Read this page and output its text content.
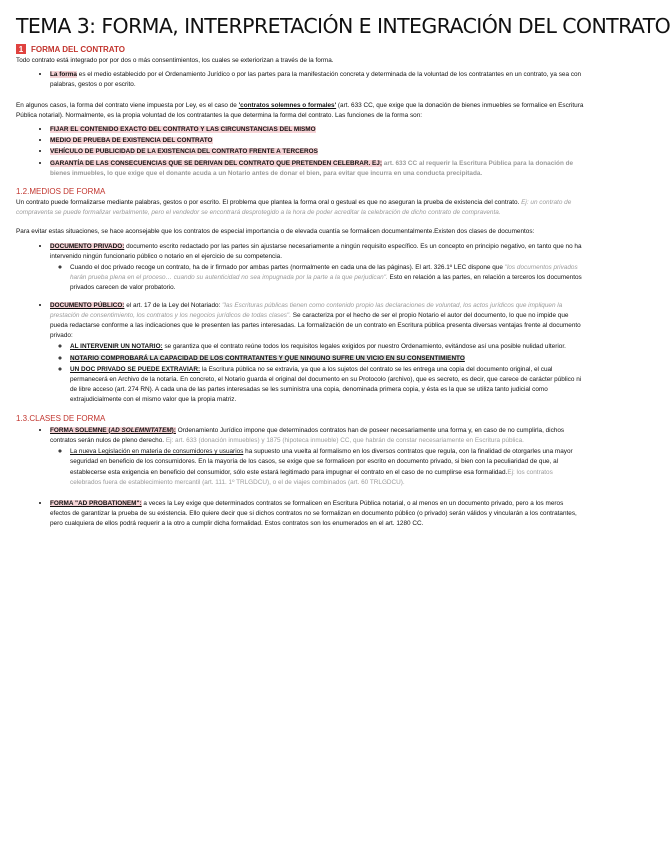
TEMA 3: FORMA, INTERPRETACIÓN E INTEGRACIÓN DEL CONTRATO
1 FORMA DEL CONTRATO

Todo contrato está integrado por por dos o más consentimientos, los cuales se exteriorizan a través de la forma.

• La forma es el medio establecido por el Ordenamiento Jurídico o por las partes para la manifestación concreta y determinada de la voluntad de los contratantes en un contrato, ya sea con palabras, gestos o por escrito.

En algunos casos, la forma del contrato viene impuesta por Ley, es el caso de 'contratos solemnes o formales' (art. 633 CC, que exige que la donación de bienes inmuebles se formalice en Escritura Pública notarial). Normalmente, es la propia voluntad de los contratantes la que determina la forma del contrato. Las funciones de la forma son:

• FIJAR EL CONTENIDO EXACTO DEL CONTRATO Y LAS CIRCUNSTANCIAS DEL MISMO
• MEDIO DE PRUEBA DE EXISTENCIA DEL CONTRATO
• VEHÍCULO DE PUBLICIDAD DE LA EXISTENCIA DEL CONTRATO FRENTE A TERCEROS
• GARANTÍA DE LAS CONSECUENCIAS QUE SE DERIVAN DEL CONTRATO QUE PRETENDEN CELEBRAR. EJ; art. 633 CC al requerir la Escritura Pública para la donación de bienes inmuebles, lo que exige que el donante acuda a un Notario antes de donar el bien, para evitar que incurra en una conducta precipitada.
1.2.MEDIOS DE FORMA

Un contrato puede formalizarse mediante palabras, gestos o por escrito. El problema que plantea la forma oral o gestual es que no aseguran la prueba de existencia del contrato. Ej: un contrato de compraventa se puede formalizar verbalmente, pero el vendedor se encontrará desprotegido a la hora de poder acreditar la celebración de dicho contrato de compraventa.

Para evitar estas situaciones, se hace aconsejable que los contratos de especial importancia o de elevada cuantía se formalicen documentalmente.Existen dos clases de documentos:

• DOCUMENTO PRIVADO: documento escrito redactado por las partes sin ajustarse necesariamente a ningún requisito específico. Es un concepto en principio negativo, en tanto que no ha intervenido ningún funcionario público o notario en el ejercicio de su competencia.
◦ Cuando el doc privado recoge un contrato, ha de ir firmado por ambas partes (normalmente en cada una de las páginas). El art. 326.1º LEC dispone que "los documentos privados harán prueba plena en el proceso… cuando su autenticidad no sea impugnada por la parte a la que perjudican". Esto en relación a las partes, en relación a terceros los documentos privados carecen de valor probatorio.
• DOCUMENTO PÚBLICO: el art. 17 de la Ley del Notariado: "las Escrituras públicas tienen como contenido propio las declaraciones de voluntad, los actos jurídicos que impliquen la prestación de consentimiento, los contratos y los negocios jurídicos de todas clases". Se caracteriza por el hecho de ser el propio Notario el autor del documento, lo que no impide que pueda redactarse conforme a las indicaciones que le presenten las partes interesadas. La formalización de un contrato en Escritura pública presenta diversas ventajas frente al documento privado:
◦ AL INTERVENIR UN NOTARIO: se garantiza que el contrato reúne todos los requisitos legales exigidos por nuestro Ordenamiento, evitándose así una posible nulidad ulterior.
◦ NOTARIO COMPROBARÁ LA CAPACIDAD DE LOS CONTRATANTES Y QUE NINGUNO SUFRE UN VICIO EN SU CONSENTIMIENTO
◦ UN DOC PRIVADO SE PUEDE EXTRAVIAR: la Escritura pública no se extravía, ya que a los sujetos del contrato se les entrega una copia del documento original, el cual permanecerá en Archivo de la notaría. En concreto, el Notario guarda el original del documento en su Protocolo (archivo), que es secreto, es decir, que carece de carácter público ni de libre acceso (art. 274 RN). A cada una de las partes interesadas se les suministra una copia, denominada primera copia, y ésta es la que se utiliza tanto judicial como extrajudicialmente con el mismo valor que la propia matriz.
1.3.CLASES DE FORMA
• FORMA SOLEMNE (AD SOLEMNITATEM): Ordenamiento Jurídico impone que determinados contratos han de poseer necesariamente una forma y, en caso de no cumplirla, dichos contratos serán nulos de pleno derecho. Ej: art. 633 (donación inmuebles) y 1875 (hipoteca inmueble) CC, que habrán de constar necesariamente en Escritura pública.
◦ La nueva Legislación en materia de consumidores y usuarios ha supuesto una vuelta al formalismo en los diversos contratos que regula, con la finalidad de otorgarles una mayor seguridad en beneficio de los consumidores. En la mayoría de los casos, se exige que se formalicen por escrito en documento privado, si bien con la peculiaridad de que, al establecerse esta exigencia en beneficio del consumidor, sólo este estará legitimado para impugnar el contrato en el caso de no cumplirse esa formalidad.Ej: los contratos celebrados fuera de establecimiento mercantil (art. 111. 1º TRLGDCU), o el de viajes combinados (art. 60 TRLGDCU).
• FORMA "AD PROBATIONEM": a veces la Ley exige que determinados contratos se formalicen en Escritura Pública notarial, o al menos en un documento privado, pero a los meros efectos de garantizar la prueba de su existencia. Ello quiere decir que si dichos contratos no se formalizan en documento público (o privado) serán válidos y vincularán a los contratantes, pero cualquiera de ellos podrá requerir a la otro a cumplir dicha formalidad. Estos contratos son los enumerados en el art. 1280 CC.
